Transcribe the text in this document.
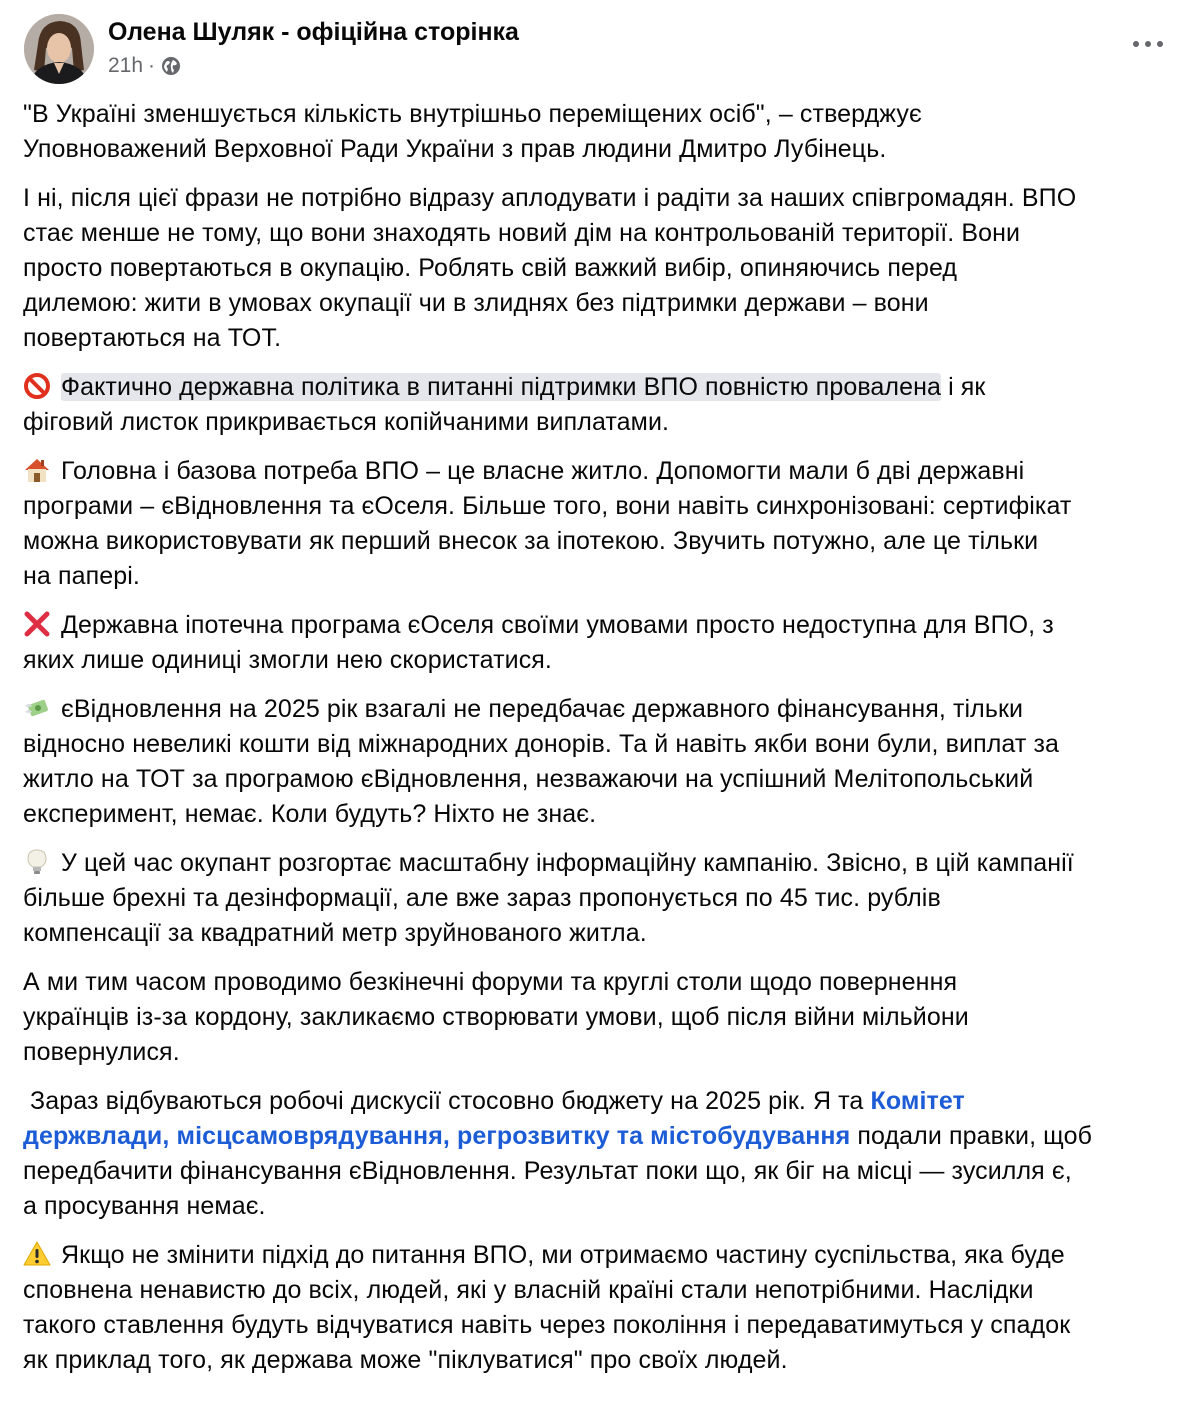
Олена Шуляк - офіційна сторінка
21h ·

"В Україні зменшується кількість внутрішньо переміщених осіб", – стверджує
Уповноважений Верховної Ради України з прав людини Дмитро Лубінець.

І ні, після цієї фрази не потрібно відразу аплодувати і радіти за наших співгромадян. ВПО
стає менше не тому, що вони знаходять новий дім на контрольованій території. Вони
просто повертаються в окупацію. Роблять свій важкий вибір, опиняючись перед
дилемою: жити в умовах окупації чи в злиднях без підтримки держави – вони
повертаються на ТОТ.

Фактично державна політика в питанні підтримки ВПО повністю провалена і як
фіговий листок прикривається копійчаними виплатами.

Головна і базова потреба ВПО – це власне житло. Допомогти мали б дві державні
програми – єВідновлення та єОселя. Більше того, вони навіть синхронізовані: сертифікат
можна використовувати як перший внесок за іпотекою. Звучить потужно, але це тільки
на папері.

Державна іпотечна програма єОселя своїми умовами просто недоступна для ВПО, з
яких лише одиниці змогли нею скористатися.

єВідновлення на 2025 рік взагалі не передбачає державного фінансування, тільки
відносно невеликі кошти від міжнародних донорів. Та й навіть якби вони були, виплат за
житло на ТОТ за програмою єВідновлення, незважаючи на успішний Мелітопольський
експеримент, немає. Коли будуть? Ніхто не знає.

У цей час окупант розгортає масштабну інформаційну кампанію. Звісно, в цій кампанії
більше брехні та дезінформації, але вже зараз пропонується по 45 тис. рублів
компенсації за квадратний метр зруйнованого житла.

А ми тим часом проводимо безкінечні форуми та круглі столи щодо повернення
українців із-за кордону, закликаємо створювати умови, щоб після війни мільйони
повернулися.

Зараз відбуваються робочі дискусії стосовно бюджету на 2025 рік. Я та Комітет
держвлади, місцсамоврядування, регрозвитку та містобудування подали правки, щоб
передбачити фінансування єВідновлення. Результат поки що, як біг на місці — зусилля є,
а просування немає.

Якщо не змінити підхід до питання ВПО, ми отримаємо частину суспільства, яка буде
сповнена ненавистю до всіх, людей, які у власній країні стали непотрібними. Наслідки
такого ставлення будуть відчуватися навіть через покоління і передаватимуться у спадок
як приклад того, як держава може "піклуватися" про своїх людей.
